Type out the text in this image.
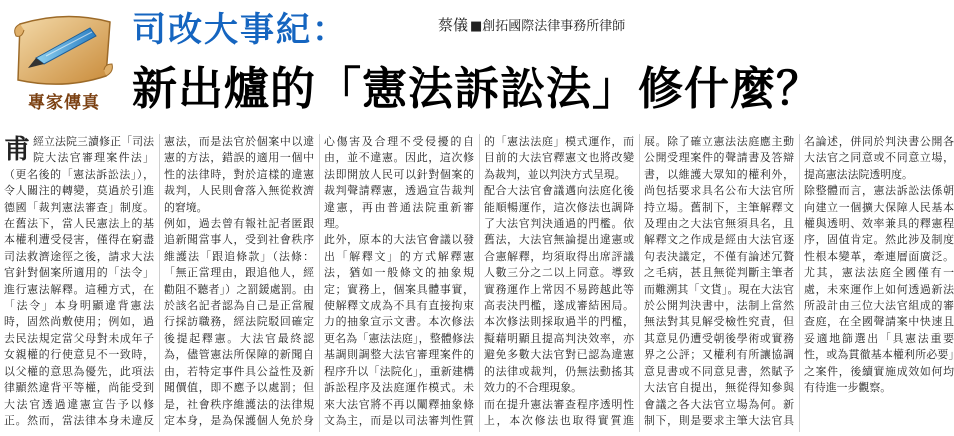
專家傳真
司改大事紀：	蔡儀 ■創拓國際法律事務所律師
新出爐的「憲法訴訟法」修什麼？

甫經立法院三讀修正「司法院大法官審理案件法」（更名後的「憲法訴訟法」），令人關注的轉變，莫過於引進德國「裁判憲法審查」制度。在舊法下，當人民憲法上的基本權利遭受侵害，僅得在窮盡司法救濟途徑之後，請求大法官針對個案所適用的「法令」進行憲法解釋。這種方式，在「法令」本身明顯違背憲法時，固然尚敷使用；例如，過去民法規定當父母對未成年子女親權的行使意見不一致時，以父權的意思為優先，此項法律顯然違背平等權，尚能受到大法官透過違憲宣告予以修正。然而，當法律本身未違反憲法，而是法官於個案中以違憲的方法，錯誤的適用一個中性的法律時，對於這樣的違憲裁判，人民則會落入無從救濟的窘境。

例如，過去曾有報社記者匿跟追新聞當事人，受到社會秩序維護法「跟追條款」（法條：「無正當理由，跟追他人，經勸阻不聽者」）之罰鍰處罰。由於該名記者認為自己是正當履行採訪職務，經法院駁回確定後提起釋憲。大法官最終認為，儘管憲法所保障的新聞自由，若特定事件具公益性及新聞價值，即不應予以處罰；但是，社會秩序維護法的法律規定本身，是為保護個人免於身心傷害及合理不受侵擾的自由，並不違憲。因此，這次修法即開放人民可以針對個案的裁判聲請釋憲，透過宣告裁判違憲，再由普通法院重新審理。

此外，原本的大法官會議以發出「解釋文」的方式解釋憲法，猶如一般條文的抽象規定；實務上，個案具體事實，使解釋文成為不具有直接拘束力的抽象宣示文書。本次修法更名為「憲法法庭」，整體修法基調則調整大法官審理案件的程序升以「法院化」，重新建構訴訟程序及法庭運作模式。未來大法官將不再以闡釋抽象條文為主，而是以司法審判性質的「憲法法庭」模式運作，而目前的大法官釋憲文也將改變為裁判，並以判決方式呈現。

配合大法官會議邁向法庭化後能順暢運作，這次修法也調降了大法官判決通過的門檻。依舊法，大法官無論提出違憲或合憲解釋，均須取得出席評議人數三分之二以上同意。導致實務運作上常因不易跨越此等高表決門檻，遂成審結困局。本次修法則採取過半的門檻，擬藉明顯且提高判決效率，亦避免多數大法官對已認為違憲的法律或裁判，仍無法動搖其效力的不合理現象。

而在提升憲法審查程序透明性上，本次修法也取得實質進展。除了確立憲法法庭應主動公開受理案件的聲請書及答辯書，以維護大眾知的權利外，尚包括要求具名公布大法官所持立場。舊制下，主筆解釋文及理由之大法官無須具名，且解釋文之作成是經由大法官逐句表決議定，不僅有論述冗贅之毛病，甚且無從判斷主筆者而難溯其「文貨」。現在大法官於公開判決書中，法制上當然無法對其見解受檢性究責，但其意見仍遭受朝後學術或實務界之公評；又權利有所讓協調意見書或不同意見書，然賦予大法官自提出，無從得知參與會議之各大法官立場為何。新制下，則是要求主筆大法官具名論述，併同於判決書公開各大法官之同意或不同意立場，提高憲法法院透明度。

除整體而言，憲法訴訟法係朝向建立一個擴大保障人民基本權與透明、效率兼具的釋憲程序，固值肯定。然此涉及制度性根本變革，牽連層面廣泛。尤其，憲法法庭全國僅有一處，未來運作上如何透過新法所設計由三位大法官組成的審查庭，在全國聲請案中快速且妥適地篩選出「具憲法重要性，或為貫徹基本權利所必要」之案件，後續實施成效如何均有待進一步觀察。
